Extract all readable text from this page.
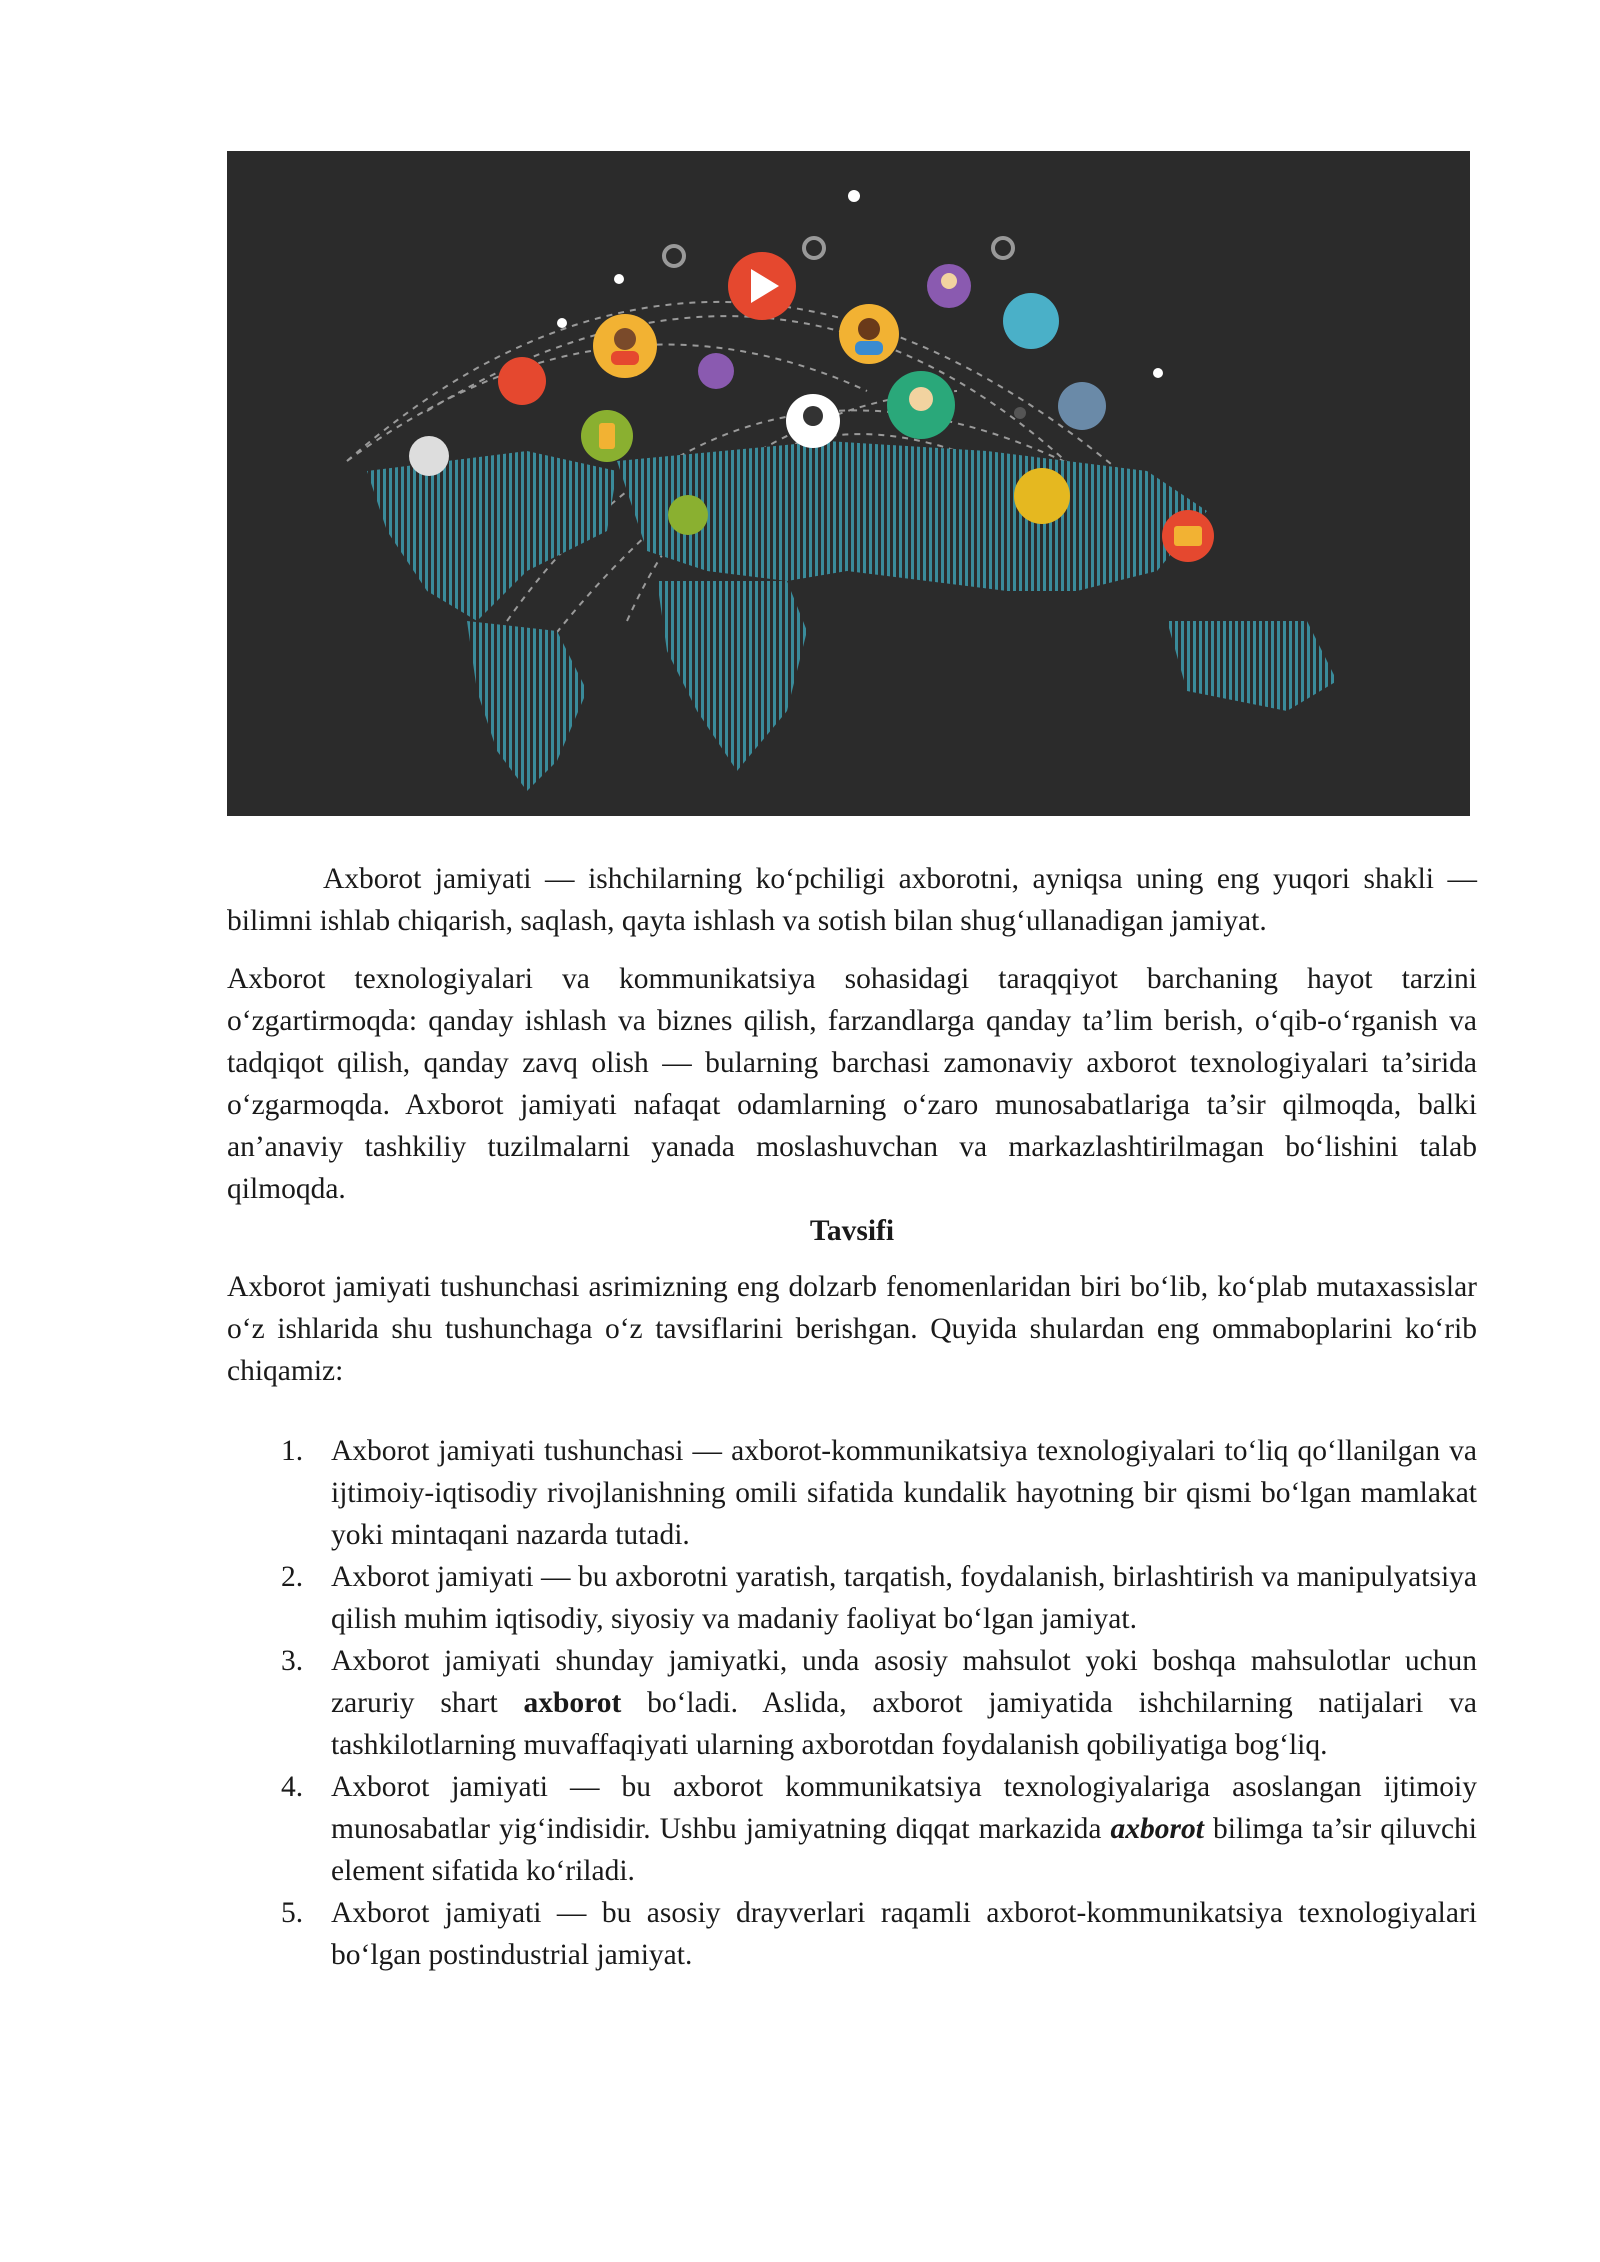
Axborot jamiyati — ishchilarning ko‘pchiligi axborotni, ayniqsa uning eng yuqori shakli — bilimni ishlab chiqarish, saqlash, qayta ishlash va sotish bilan shug‘ullanadigan jamiyat.

Axborot texnologiyalari va kommunikatsiya sohasidagi taraqqiyot barchaning hayot tarzini o‘zgartirmoqda: qanday ishlash va biznes qilish, farzandlarga qanday ta’lim berish, o‘qib-o‘rganish va tadqiqot qilish, qanday zavq olish — bularning barchasi zamonaviy axborot texnologiyalari ta’sirida o‘zgarmoqda. Axborot jamiyati nafaqat odamlarning o‘zaro munosabatlariga ta’sir qilmoqda, balki an’anaviy tashkiliy tuzilmalarni yanada moslashuvchan va markazlashtirilmagan bo‘lishini talab qilmoqda.

Tavsifi

Axborot jamiyati tushunchasi asrimizning eng dolzarb fenomenlaridan biri bo‘lib, ko‘plab mutaxassislar o‘z ishlarida shu tushunchaga o‘z tavsiflarini berishgan. Quyida shulardan eng ommaboplarini ko‘rib chiqamiz:

1. Axborot jamiyati tushunchasi — axborot-kommunikatsiya texnologiyalari to‘liq qo‘llanilgan va ijtimoiy-iqtisodiy rivojlanishning omili sifatida kundalik hayotning bir qismi bo‘lgan mamlakat yoki mintaqani nazarda tutadi.
2. Axborot jamiyati — bu axborotni yaratish, tarqatish, foydalanish, birlashtirish va manipulyatsiya qilish muhim iqtisodiy, siyosiy va madaniy faoliyat bo‘lgan jamiyat.
3. Axborot jamiyati shunday jamiyatki, unda asosiy mahsulot yoki boshqa mahsulotlar uchun zaruriy shart axborot bo‘ladi. Aslida, axborot jamiyatida ishchilarning natijalari va tashkilotlarning muvaffaqiyati ularning axborotdan foydalanish qobiliyatiga bog‘liq.
4. Axborot jamiyati — bu axborot kommunikatsiya texnologiyalariga asoslangan ijtimoiy munosabatlar yig‘indisidir. Ushbu jamiyatning diqqat markazida axborot bilimga ta’sir qiluvchi element sifatida ko‘riladi.
5. Axborot jamiyati — bu asosiy drayverlari raqamli axborot-kommunikatsiya texnologiyalari bo‘lgan postindustrial jamiyat.
